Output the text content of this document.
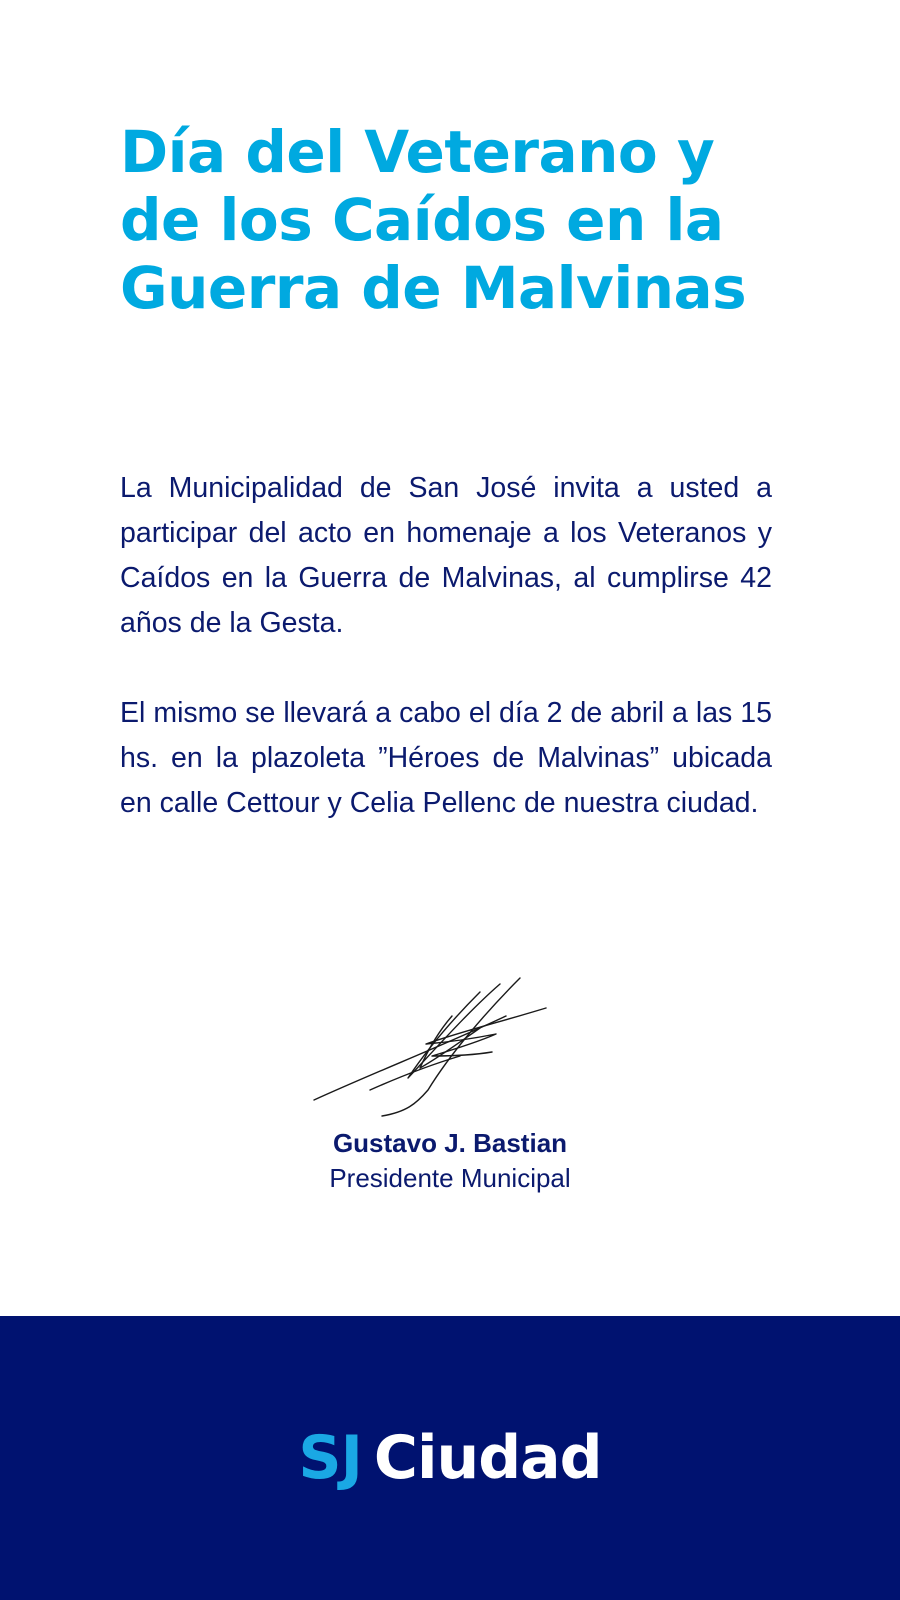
Día del Veterano y
de los Caídos en la
Guerra de Malvinas

La Municipalidad de San José invita a usted a participar del acto en homenaje a los Veteranos y Caídos en la Guerra de Malvinas, al cumplirse 42 años de la Gesta.

El mismo se llevará a cabo el día 2 de abril a las 15 hs. en la plazoleta ”Héroes de Malvinas” ubicada en calle Cettour y Celia Pellenc de nuestra ciudad.

Gustavo J. Bastian
Presidente Municipal
SJ Ciudad
